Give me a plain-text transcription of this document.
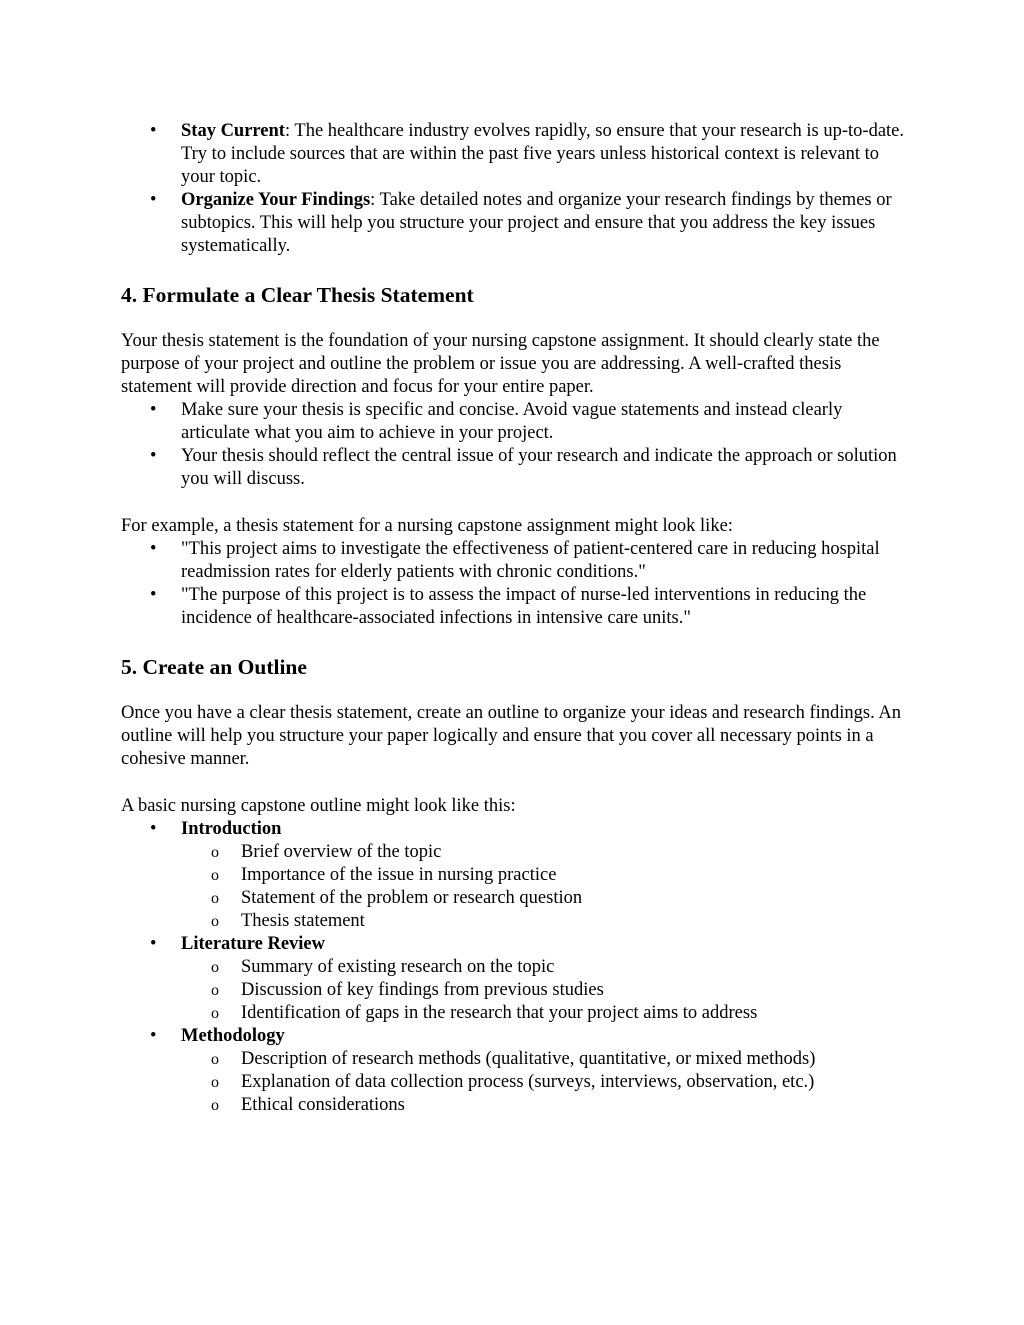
• Stay Current: The healthcare industry evolves rapidly, so ensure that your research is up-to-date. Try to include sources that are within the past five years unless historical context is relevant to your topic.
• Organize Your Findings: Take detailed notes and organize your research findings by themes or subtopics. This will help you structure your project and ensure that you address the key issues systematically.
4. Formulate a Clear Thesis Statement

Your thesis statement is the foundation of your nursing capstone assignment. It should clearly state the purpose of your project and outline the problem or issue you are addressing. A well-crafted thesis statement will provide direction and focus for your entire paper.

• Make sure your thesis is specific and concise. Avoid vague statements and instead clearly articulate what you aim to achieve in your project.
• Your thesis should reflect the central issue of your research and indicate the approach or solution you will discuss.

For example, a thesis statement for a nursing capstone assignment might look like:

• "This project aims to investigate the effectiveness of patient-centered care in reducing hospital readmission rates for elderly patients with chronic conditions."
• "The purpose of this project is to assess the impact of nurse-led interventions in reducing the incidence of healthcare-associated infections in intensive care units."
5. Create an Outline

Once you have a clear thesis statement, create an outline to organize your ideas and research findings. An outline will help you structure your paper logically and ensure that you cover all necessary points in a cohesive manner.

A basic nursing capstone outline might look like this:

• Introduction
o Brief overview of the topic
o Importance of the issue in nursing practice
o Statement of the problem or research question
o Thesis statement
• Literature Review
o Summary of existing research on the topic
o Discussion of key findings from previous studies
o Identification of gaps in the research that your project aims to address
• Methodology
o Description of research methods (qualitative, quantitative, or mixed methods)
o Explanation of data collection process (surveys, interviews, observation, etc.)
o Ethical considerations
